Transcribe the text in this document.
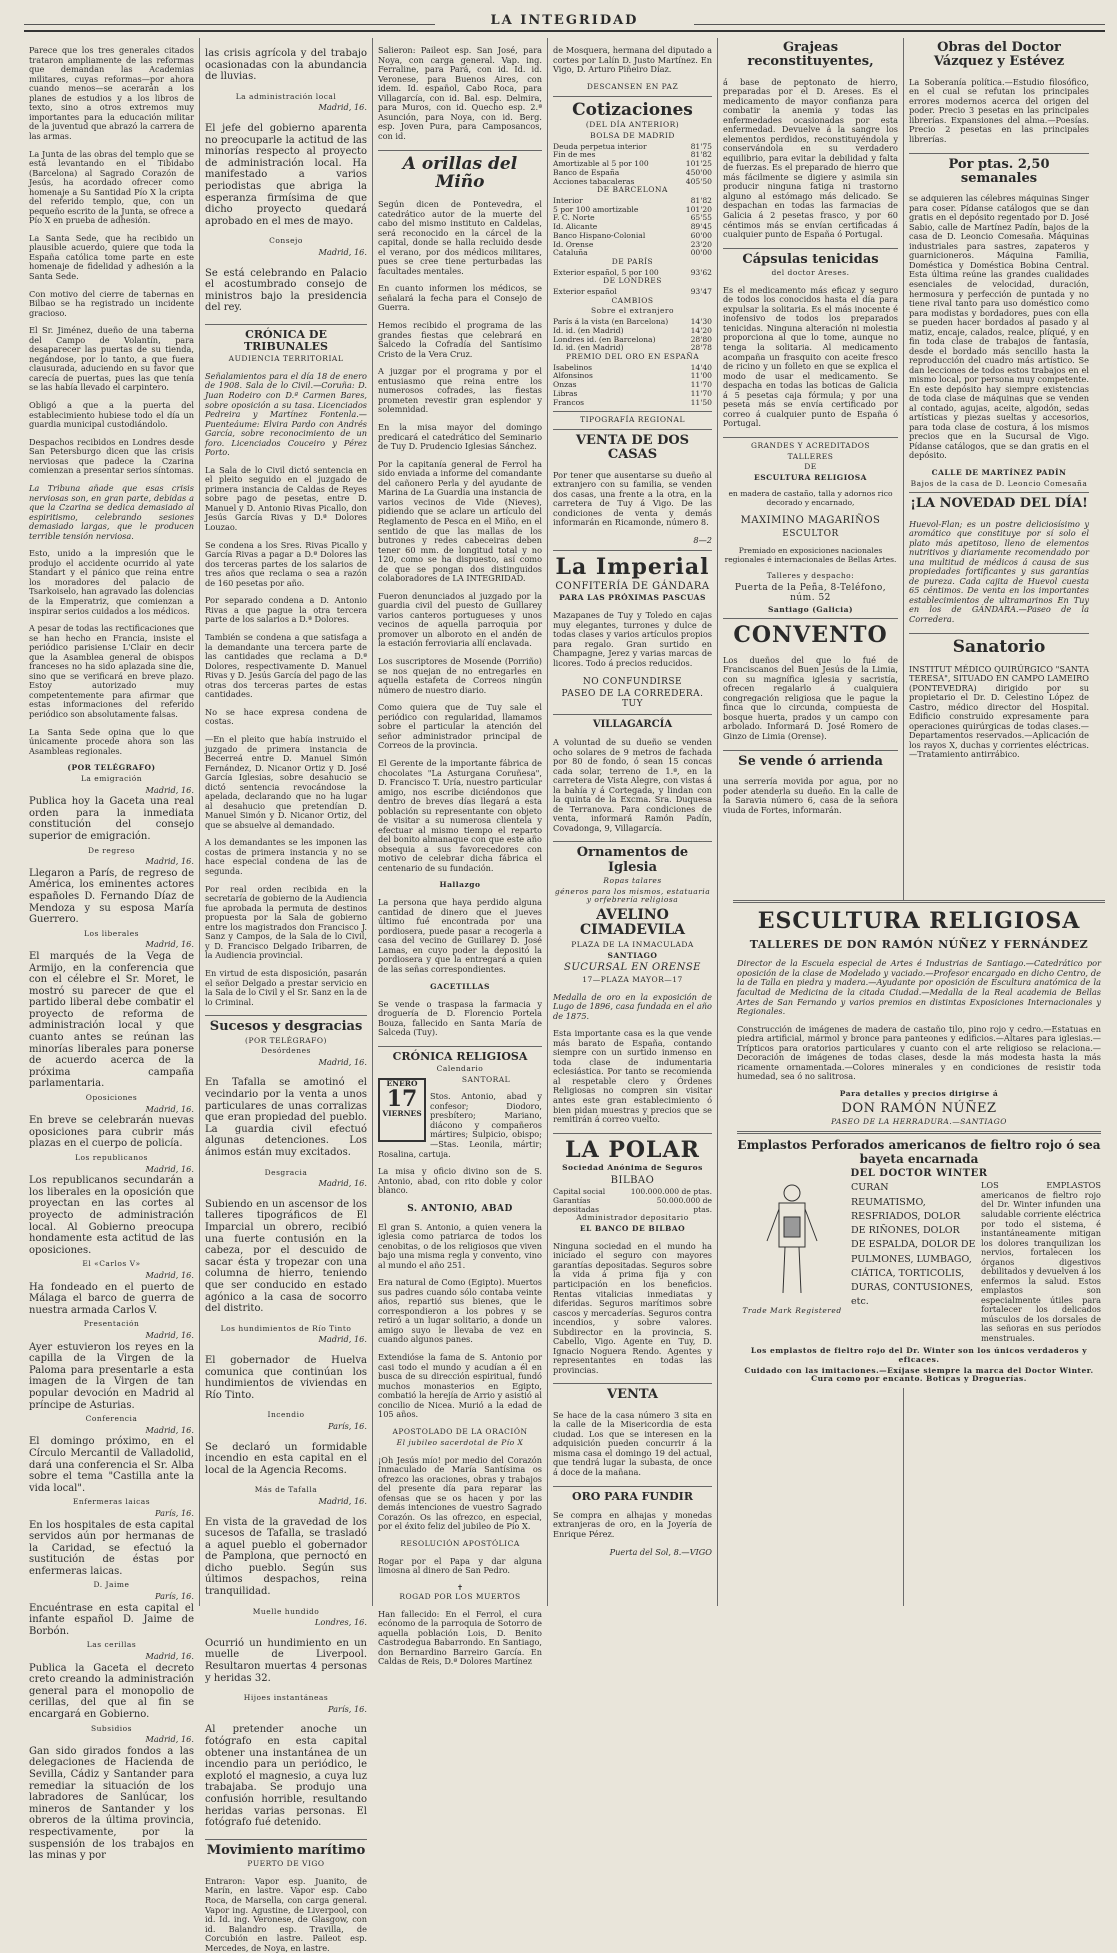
LA INTEGRIDAD

Parece que los tres generales citados trataron ampliamente de las reformas que demandan las Academias militares, cuyas reformas—por ahora cuando menos—se acerarán a los planes de estudios y a los libros de texto, sino a otros extremos muy importantes para la educación militar de la juventud que abrazó la carrera de las armas.

La Junta de las obras del templo que se está levantando en el Tibidabo (Barcelona) al Sagrado Corazón de Jesús, ha acordado ofrecer como homenaje a Su Santidad Pío X la cripta del referido templo, que, con un pequeño escrito de la Junta, se ofrece a Pío X en prueba de adhesión.

La Santa Sede, que ha recibido un plausible acuerdo, quiere que toda la España católica tome parte en este homenaje de fidelidad y adhesión a la Santa Sede.

Con motivo del cierre de tabernas en Bilbao se ha registrado un incidente gracioso.

El Sr. Jiménez, dueño de una taberna del Campo de Volantín, para desaparecer las puertas de su tienda, negándose, por lo tanto, a que fuera clausurada, aduciendo en su favor que carecía de puertas, pues las que tenía se las había llevado el carpintero.

Obligó a que a la puerta del establecimiento hubiese todo el día un guardia municipal custodiándolo.

Despachos recibidos en Londres desde San Petersburgo dicen que las crisis nerviosas que padece la Czarina comienzan a presentar serios síntomas.

La Tribuna añade que esas crisis nerviosas son, en gran parte, debidas a que la Czarina se dedica demasiado al espiritismo, celebrando sesiones demasiado largas, que le producen terrible tensión nerviosa.

Esto, unido a la impresión que le produjo el accidente ocurrido al yate Standart y el pánico que reina entre los moradores del palacio de Tsarkoiselo, han agravado las dolencias de la Emperatriz, que comienzan a inspirar serios cuidados a los médicos.

A pesar de todas las rectificaciones que se han hecho en Francia, insiste el periódico parisiense L'Clair en decir que la Asamblea general de obispos franceses no ha sido aplazada sine die, sino que se verificará en breve plazo. Estoy autorizado muy competentemente para afirmar que estas informaciones del referido periódico son absolutamente falsas.

La Santa Sede opina que lo que únicamente procede ahora son las Asambleas regionales.

(POR TELÉGRAFO)
La emigración
Madrid, 16.

Publica hoy la Gaceta una real orden para la inmediata constitución del consejo superior de emigración.

De regreso
Madrid, 16.

Llegaron a París, de regreso de América, los eminentes actores españoles D. Fernando Díaz de Mendoza y su esposa María Guerrero.

Los liberales
Madrid, 16.

El marqués de la Vega de Armijo, en la conferencia que con el célebre el Sr. Moret, le mostró su parecer de que el partido liberal debe combatir el proyecto de reforma de administración local y que cuanto antes se reúnan las minorías liberales para ponerse de acuerdo acerca de la próxima campaña parlamentaria.

Oposiciones
Madrid, 16.

En breve se celebrarán nuevas oposiciones para cubrir más plazas en el cuerpo de policía.

Los republicanos
Madrid, 16.

Los republicanos secundarán a los liberales en la oposición que proyectan en las cortes al proyecto de administración local. Al Gobierno preocupa hondamente esta actitud de las oposiciones.

El «Carlos V»
Madrid, 16.

Ha fondeado en el puerto de Málaga el barco de guerra de nuestra armada Carlos V.

Presentación
Madrid, 16.

Ayer estuvieron los reyes en la capilla de la Virgen de la Paloma para presentarle a esta imagen de la Virgen de tan popular devoción en Madrid al príncipe de Asturias.

Conferencia
Madrid, 16.

El domingo próximo, en el Círculo Mercantil de Valladolid, dará una conferencia el Sr. Alba sobre el tema "Castilla ante la vida local".

Enfermeras laicas
París, 16.

En los hospitales de esta capital servidos aún por hermanas de la Caridad, se efectuó la sustitución de éstas por enfermeras laicas.

D. Jaime
París, 16.

Encuéntrase en esta capital el infante español D. Jaime de Borbón.

Las cerillas
Madrid, 16.

Publica la Gaceta el decreto creto creando la administración general para el monopolio de cerillas, del que al fin se encargará en Gobierno.

Subsidios
Madrid, 16.

Gan sido girados fondos a las delegaciones de Hacienda de Sevilla, Cádiz y Santander para remediar la situación de los labradores de Sanlúcar, los mineros de Santander y los obreros de la última provincia, respectivamente, por la suspensión de los trabajos en las minas y por

las crisis agrícola y del trabajo ocasionadas con la abundancia de lluvias.

La administración local
Madrid, 16.

El jefe del gobierno aparenta no preocuparle la actitud de las minorías respecto al proyecto de administración local. Ha manifestado a varios periodistas que abriga la esperanza firmísima de que dicho proyecto quedará aprobado en el mes de mayo.

Consejo
Madrid, 16.

Se está celebrando en Palacio el acostumbrado consejo de ministros bajo la presidencia del rey.

CRÓNICA DE TRIBUNALES
AUDIENCIA TERRITORIAL

Señalamientos para el día 18 de enero de 1908. Sala de lo Civil.—Coruña: D. Juan Rodeiro con D.ª Carmen Bares, sobre oposición a su tasa. Licenciados Pedreira y Martínez Fontenla.—Puenteáume: Elvira Pardo con Andrés García, sobre reconocimiento de un foro. Licenciados Couceiro y Pérez Porto.

La Sala de lo Civil dictó sentencia en el pleito seguido en el juzgado de primera instancia de Caldas de Reyes sobre pago de pesetas, entre D. Manuel y D. Antonio Rivas Picallo, don Jesús García Rivas y D.ª Dolores Louzao.

Se condena a los Sres. Rivas Picallo y García Rivas a pagar a D.ª Dolores las dos terceras partes de los salarios de tres años que reclama o sea a razón de 160 pesetas por año.

Por separado condena a D. Antonio Rivas a que pague la otra tercera parte de los salarios a D.ª Dolores.

También se condena a que satisfaga a la demandante una tercera parte de las cantidades que reclama a D.ª Dolores, respectivamente D. Manuel Rivas y D. Jesús García del pago de las otras dos terceras partes de estas cantidades.

No se hace expresa condena de costas.

—En el pleito que había instruido el juzgado de primera instancia de Becerreá entre D. Manuel Simón Fernández, D. Nicanor Ortiz y D. José García Iglesias, sobre desahucio se dictó sentencia revocándose la apelada, declarando que no ha lugar al desahucio que pretendían D. Manuel Simón y D. Nicanor Ortiz, del que se absuelve al demandado.

A los demandantes se les imponen las costas de primera instancia y no se hace especial condena de las de segunda.

Por real orden recibida en la secretaría de gobierno de la Audiencia fue aprobada la permuta de destinos propuesta por la Sala de gobierno entre los magistrados don Francisco J. Sanz y Campos, de la Sala de lo Civil, y D. Francisco Delgado Iribarren, de la Audiencia provincial.

En virtud de esta disposición, pasarán el señor Delgado a prestar servicio en la Sala de lo Civil y el Sr. Sanz en la de lo Criminal.

Sucesos y desgracias
(POR TELÉGRAFO)
Desórdenes
Madrid, 16.

En Tafalla se amotinó el vecindario por la venta a unos particulares de unas corralizas que eran propiedad del pueblo. La guardia civil efectuó algunas detenciones. Los ánimos están muy excitados.

Desgracia
Madrid, 16.

Subiendo en un ascensor de los talleres tipográficos de El Imparcial un obrero, recibió una fuerte contusión en la cabeza, por el descuido de sacar ésta y tropezar con una columna de hierro, teniendo que ser conducido en estado agónico a la casa de socorro del distrito.

Los hundimientos de Río Tinto
Madrid, 16.

El gobernador de Huelva comunica que continúan los hundimientos de viviendas en Río Tinto.

Incendio
París, 16.

Se declaró un formidable incendio en esta capital en el local de la Agencia Recoms.

Más de Tafalla
Madrid, 16.

En vista de la gravedad de los sucesos de Tafalla, se trasladó a aquel pueblo el gobernador de Pamplona, que pernoctó en dicho pueblo. Según sus últimos despachos, reina tranquilidad.

Muelle hundido
Londres, 16.

Ocurrió un hundimiento en un muelle de Liverpool. Resultaron muertas 4 personas y heridas 32.

Hijoes instantáneas
París, 16.

Al pretender anoche un fotógrafo en esta capital obtener una instantánea de un incendio para un periódico, le explotó el magnesio, a cuya luz trabajaba. Se produjo una confusión horrible, resultando heridas varias personas. El fotógrafo fué detenido.

Movimiento marítimo
PUERTO DE VIGO

Entraron: Vapor esp. Juanito, de Marín, en lastre. Vapor esp. Cabo Roca, de Marsella, con carga general. Vapor ing. Agustine, de Liverpool, con id. Id. ing. Veronese, de Glasgow, con id. Balandro esp. Travilla, de Corcubión en lastre. Paileot esp. Mercedes, de Noya, en lastre.

Salieron: Paileot esp. San José, para Noya, con carga general. Vap. ing. Ferraline, para Pará, con id. Id. id. Veronese, para Buenos Aires, con idem. Id. español, Cabo Roca, para Villagarcía, con id. Bal. esp. Delmira, para Muros, con id. Quecho esp. 2.ª Asunción, para Noya, con id. Berg. esp. Joven Pura, para Camposancos, con id.

A orillas del Miño

Según dicen de Pontevedra, el catedrático autor de la muerte del cabo del mismo instituto en Caldelas, será reconocido en la cárcel de la capital, donde se halla recluido desde el verano, por dos médicos militares, pues se cree tiene perturbadas las facultades mentales.

En cuanto informen los médicos, se señalará la fecha para el Consejo de Guerra.

Hemos recibido el programa de las grandes fiestas que celebrará en Salcedo la Cofradía del Santísimo Cristo de la Vera Cruz.

A juzgar por el programa y por el entusiasmo que reina entre los numerosos cofrades, las fiestas prometen revestir gran esplendor y solemnidad.

En la misa mayor del domingo predicará el catedrático del Seminario de Tuy D. Prudencio Iglesias Sánchez.

Por la capitanía general de Ferrol ha sido enviada a informe del comandante del cañonero Perla y del ayudante de Marina de La Guardia una instancia de varios vecinos de Vide (Nieves), pidiendo que se aclare un artículo del Reglamento de Pesca en el Miño, en el sentido de que las mallas de los butrones y redes cabeceiras deben tener 60 mm. de longitud total y no 120, como se ha dispuesto, así como de que se pongan dos distinguidos colaboradores de LA INTEGRIDAD.

Fueron denunciados al juzgado por la guardia civil del puesto de Guillarey varios canteros portugueses y unos vecinos de aquella parroquia por promover un alboroto en el andén de la estación ferroviaria allí enclavada.

Los suscriptores de Mosende (Porriño) se nos quejan de no entregarles en aquella estafeta de Correos ningún número de nuestro diario.

Como quiera que de Tuy sale el periódico con regularidad, llamamos sobre el particular la atención del señor administrador principal de Correos de la provincia.

El Gerente de la importante fábrica de chocolates "La Asturgana Coruñesa", D. Francisco T. Uría, nuestro particular amigo, nos escribe diciéndonos que dentro de breves días llegará a esta población su representante con objeto de visitar a su numerosa clientela y efectuar al mismo tiempo el reparto del bonito almanaque con que este año obsequia a sus favorecedores con motivo de celebrar dicha fábrica el centenario de su fundación.

Hallazgo

La persona que haya perdido alguna cantidad de dinero que el jueves último fué encontrada por una pordiosera, puede pasar a recogerla a casa del vecino de Guillarey D. José Lamas, en cuyo poder la depositó la pordiosera y que la entregará a quien de las señas correspondientes.

GACETILLAS

Se vende o traspasa la farmacia y droguería de D. Florencio Portela Bouza, fallecido en Santa María de Salceda (Tuy).

CRÓNICA RELIGIOSA
Calendario
ENERO
17
VIERNES
SANTORAL

Stos. Antonio, abad y confesor; Diodoro, presbítero; Mariano, diácono y compañeros mártires; Sulpicio, obispo;—Stas. Leonila, mártir; Rosalina, cartuja.

La misa y oficio divino son de S. Antonio, abad, con rito doble y color blanco.

S. ANTONIO, ABAD

El gran S. Antonio, a quien venera la iglesia como patriarca de todos los cenobitas, o de los religiosos que viven bajo una misma regla y convento, vino al mundo el año 251.

Era natural de Como (Egipto). Muertos sus padres cuando sólo contaba veinte años, repartió sus bienes, que le correspondieron a los pobres y se retiró a un lugar solitario, a donde un amigo suyo le llevaba de vez en cuando algunos panes.

Extendióse la fama de S. Antonio por casi todo el mundo y acudían a él en busca de su dirección espiritual, fundó muchos monasterios en Egipto, combatió la herejía de Arrio y asistió al concilio de Nicea. Murió a la edad de 105 años.

APOSTOLADO DE LA ORACIÓN
El jubileo sacerdotal de Pío X

¡Oh Jesús mío! por medio del Corazón Inmaculado de María Santísima os ofrezco las oraciones, obras y trabajos del presente día para reparar las ofensas que se os hacen y por las demás intenciones de vuestro Sagrado Corazón. Os las ofrezco, en especial, por el éxito feliz del jubileo de Pío X.

RESOLUCIÓN APOSTÓLICA

Rogar por el Papa y dar alguna limosna al dinero de San Pedro.

✝
ROGAD POR LOS MUERTOS

Han fallecido: En el Ferrol, el cura ecónomo de la parroquia de Sotorro de aquella población Lois, D. Benito Castrodegua Babarrondo. En Santiago, don Bernardino Barreiro García. En Caldas de Reis, D.ª Dolores Martínez

de Mosquera, hermana del diputado a cortes por Lalín D. Justo Martínez. En Vigo, D. Arturo Piñeiro Díaz.

DESCANSEN EN PAZ
Cotizaciones
(DEL DÍA ANTERIOR)
BOLSA DE MADRID
Deuda perpetua interior	81'75
Fin de mes	81'82
Amortizable al 5 por 100	101'25
Banco de España	450'00
Acciones tabacaleras	405'50
DE BARCELONA
Interior	81'82
5 por 100 amortizable	101'20
F. C. Norte	65'55
Id. Alicante	89'45
Banco Hispano-Colonial	60'00
Id. Orense	23'20
Cataluña	00'00
DE PARÍS
Exterior español, 5 por 100	93'62
DE LONDRES
Exterior español	93'47
CAMBIOS
Sobre el extranjero
París á la vista (en Barcelona)	14'30
Id. id. (en Madrid)	14'20
Londres id. (en Barcelona)	28'80
Id. id. (en Madrid)	28'78
PREMIO DEL ORO EN ESPAÑA
Isabelinos	14'40
Alfonsinos	11'00
Onzas	11'70
Libras	11'70
Francos	11'50
TIPOGRAFÍA REGIONAL
VENTA DE DOS CASAS

Por tener que ausentarse su dueño al extranjero con su familia, se venden dos casas, una frente a la otra, en la carretera de Tuy á Vigo. De las condiciones de venta y demás informarán en Ricamonde, número 8.

8—2
La Imperial
CONFITERÍA DE GÁNDARA
PARA LAS PRÓXIMAS PASCUAS

Mazapanes de Tuy y Toledo en cajas muy elegantes, turrones y dulce de todas clases y varios artículos propios para regalo. Gran surtido en Champagne, Jerez y varias marcas de licores. Todo á precios reducidos.

NO CONFUNDIRSE
PASEO DE LA CORREDERA. TUY
VILLAGARCÍA

A voluntad de su dueño se venden ocho solares de 9 metros de fachada por 80 de fondo, ó sean 15 concas cada solar, terreno de 1.ª, en la carretera de Vista Alegre, con vistas á la bahía y á Cortegada, y lindan con la quinta de la Excma. Sra. Duquesa de Terranova. Para condiciones de venta, informará Ramón Padín, Covadonga, 9, Villagarcía.

Ornamentos de Iglesia
Ropas talares
géneros para los mismos, estatuaria y orfebrería religiosa
AVELINO CIMADEVILA
PLAZA DE LA INMACULADA
SANTIAGO
SUCURSAL EN ORENSE
17—PLAZA MAYOR—17

Medalla de oro en la exposición de Lugo de 1896, casa fundada en el año de 1875.

Esta importante casa es la que vende más barato de España, contando siempre con un surtido inmenso en toda clase de indumentaria eclesiástica. Por tanto se recomienda al respetable clero y Órdenes Religiosas no compren sin visitar antes este gran establecimiento ó bien pidan muestras y precios que se remitirán á correo vuelto.

LA POLAR
Sociedad Anónima de Seguros
BILBAO
Capital social	100.000.000 de ptas.
Garantías depositadas
50.000.000 de ptas.
Administrador depositario
EL BANCO DE BILBAO

Ninguna sociedad en el mundo ha iniciado el seguro con mayores garantías depositadas. Seguros sobre la vida á prima fija y con participación en los beneficios. Rentas vitalicias inmediatas y diferidas. Seguros marítimos sobre cascos y mercaderías. Seguros contra incendios, y sobre valores. Subdirector en la provincia, S. Cabello, Vigo. Agente en Tuy, D. Ignacio Noguera Rendo. Agentes y representantes en todas las provincias.

VENTA

Se hace de la casa número 3 sita en la calle de la Misericordia de esta ciudad. Los que se interesen en la adquisición pueden concurrir á la misma casa el domingo 19 del actual, que tendrá lugar la subasta, de once á doce de la mañana.

ORO PARA FUNDIR

Se compra en alhajas y monedas extranjeras de oro, en la Joyería de Enrique Pérez.

Puerta del Sol, 8.—VIGO
Grajeas reconstituyentes,

á base de peptonato de hierro, preparadas por el D. Areses. Es el medicamento de mayor confianza para combatir la anemia y todas las enfermedades ocasionadas por esta enfermedad. Devuelve á la sangre los elementos perdidos, reconstituyéndola y conservándola en su verdadero equilibrio, para evitar la debilidad y falta de fuerzas. Es el preparado de hierro que más fácilmente se digiere y asimila sin producir ninguna fatiga ni trastorno alguno al estómago más delicado. Se despachan en todas las farmacias de Galicia á 2 pesetas frasco, y por 60 céntimos más se envían certificadas á cualquier punto de España ó Portugal.

Cápsulas tenicidas
del doctor Areses.

Es el medicamento más eficaz y seguro de todos los conocidos hasta el día para expulsar la solitaria. Es el más inocente é inofensivo de todos los preparados tenicidas. Ninguna alteración ni molestia proporciona al que lo tome, aunque no tenga la solitaria. Al medicamento acompaña un frasquito con aceite fresco de ricino y un folleto en que se explica el modo de usar el medicamento. Se despacha en todas las boticas de Galicia á 5 pesetas caja fórmula; y por una peseta más se envía certificado por correo á cualquier punto de España ó Portugal.

GRANDES Y ACREDITADOS
TALLERES
DE
ESCULTURA RELIGIOSA

en madera de castaño, talla y adornos rico decorado y encarnado,

MAXIMINO MAGARIÑOS
ESCULTOR

Premiado en exposiciones nacionales regionales é internacionales de Bellas Artes.

Talleres y despacho:
Puerta de la Peña, 8-Teléfono, núm. 52
Santiago (Galicia)
CONVENTO

Los dueños del que lo fué de Franciscanos del Buen Jesús de la Limia, con su magnífica iglesia y sacristía, ofrecen regalarlo á cualquiera congregación religiosa que le pague la finca que lo circunda, compuesta de bosque huerta, prados y un campo con arbolado. Informará D. José Romero de Ginzo de Limia (Orense).

Se vende ó arrienda

una serrería movida por agua, por no poder atenderla su dueño. En la calle de la Saravia número 6, casa de la señora viuda de Fortes, informarán.

Obras del Doctor Vázquez y Estévez

La Soberanía política.—Estudio filosófico, en el cual se refutan los principales errores modernos acerca del origen del poder. Precio 3 pesetas en las principales librerías. Expansiones del alma.—Poesías. Precio 2 pesetas en las principales librerías.

Por ptas. 2,50 semanales

se adquieren las célebres máquinas Singer para coser. Pídanse catálogos que se dan gratis en el depósito regentado por D. José Sabio, calle de Martínez Padín, bajos de la casa de D. Leoncio Comesaña. Máquinas industriales para sastres, zapateros y guarnicioneros. Máquina Familia, Doméstica y Doméstica Bobina Central. Esta última reúne las grandes cualidades esenciales de velocidad, duración, hermosura y perfección de puntada y no tiene rival tanto para uso doméstico como para modistas y bordadores, pues con ella se pueden hacer bordados al pasado y al matiz, encaje, calados, realce, plíqué, y en fin toda clase de trabajos de fantasía, desde el bordado más sencillo hasta la reproducción del cuadro más artístico. Se dan lecciones de todos estos trabajos en el mismo local, por persona muy competente. En este depósito hay siempre existencias de toda clase de máquinas que se venden al contado, agujas, aceite, algodón, sedas artísticas y piezas sueltas y accesorios, para toda clase de costura, á los mismos precios que en la Sucursal de Vigo. Pídanse catálogos, que se dan gratis en el depósito.

CALLE DE MARTÍNEZ PADÍN
Bajos de la casa de D. Leoncio Comesaña
¡LA NOVEDAD DEL DÍA!

Huevol-Flan; es un postre deliciosísimo y aromático que constituye por sí solo el plato más apetitoso, lleno de elementos nutritivos y diariamente recomendado por una multitud de médicos á causa de sus propiedades fortificantes y sus garantías de pureza. Cada cajita de Huevol cuesta 65 céntimos. De venta en los importantes establecimientos de ultramarinos En Tuy en los de GÁNDARA.—Paseo de la Corredera.

Sanatorio

INSTITUT MÉDICO QUIRÚRGICO "SANTA TERESA", SITUADO EN CAMPO LAMEIRO (PONTEVEDRA) dirigido por su propietario el Dr. D. Celestino López de Castro, médico director del Hospital. Edificio construido expresamente para operaciones quirúrgicas de todas clases.—Departamentos reservados.—Aplicación de los rayos X, duchas y corrientes eléctricas.—Tratamiento antirrábico.

ESCULTURA RELIGIOSA
TALLERES DE DON RAMÓN NÚÑEZ Y FERNÁNDEZ

Director de la Escuela especial de Artes é Industrias de Santiago.—Catedrático por oposición de la clase de Modelado y vaciado.—Profesor encargado en dicho Centro, de la de Talla en piedra y madera.—Ayudante por oposición de Escultura anatómica de la facultad de Medicina de la citada Ciudad.—Medalla de la Real academia de Bellas Artes de San Fernando y varios premios en distintas Exposiciones Internacionales y Regionales.

Construcción de imágenes de madera de castaño tilo, pino rojo y cedro.—Estatuas en piedra artificial, mármol y bronce para panteones y edificios.—Altares para iglesias.—Trípticos para oratorios particulares y cuanto con el arte religioso se relaciona.—Decoración de imágenes de todas clases, desde la más modesta hasta la más ricamente ornamentada.—Colores minerales y en condiciones de resistir toda humedad, sea ó no salitrosa.

Para detalles y precios dirigirse á
DON RAMÓN NÚÑEZ
PASEO DE LA HERRADURA.—SANTIAGO
Emplastos Perforados americanos de fieltro rojo ó sea bayeta encarnada
DEL DOCTOR WINTER
Trade Mark Registered
CURAN
REUMATISMO, RESFRIADOS, DOLOR DE RIÑONES, DOLOR DE ESPALDA, DOLOR DE PULMONES, LUMBAGO, CIÁTICA, TORTICOLIS, DURAS, CONTUSIONES, etc.
LOS EMPLASTOS americanos de fieltro rojo del Dr. Winter infunden una saludable corriente eléctrica por todo el sistema, é instantáneamente mitigan los dolores tranquilizan los nervios, fortalecen los órganos digestivos debilitados y devuelven á los enfermos la salud. Estos emplastos son especialmente útiles para fortalecer los delicados músculos de los dorsales de las señoras en sus períodos menstruales.
Los emplastos de fieltro rojo del Dr. Winter son los únicos verdaderos y eficaces.
Cuidado con las imitaciones.—Exíjase siempre la marca del Doctor Winter. Cura como por encanto. Boticas y Droguerías.
